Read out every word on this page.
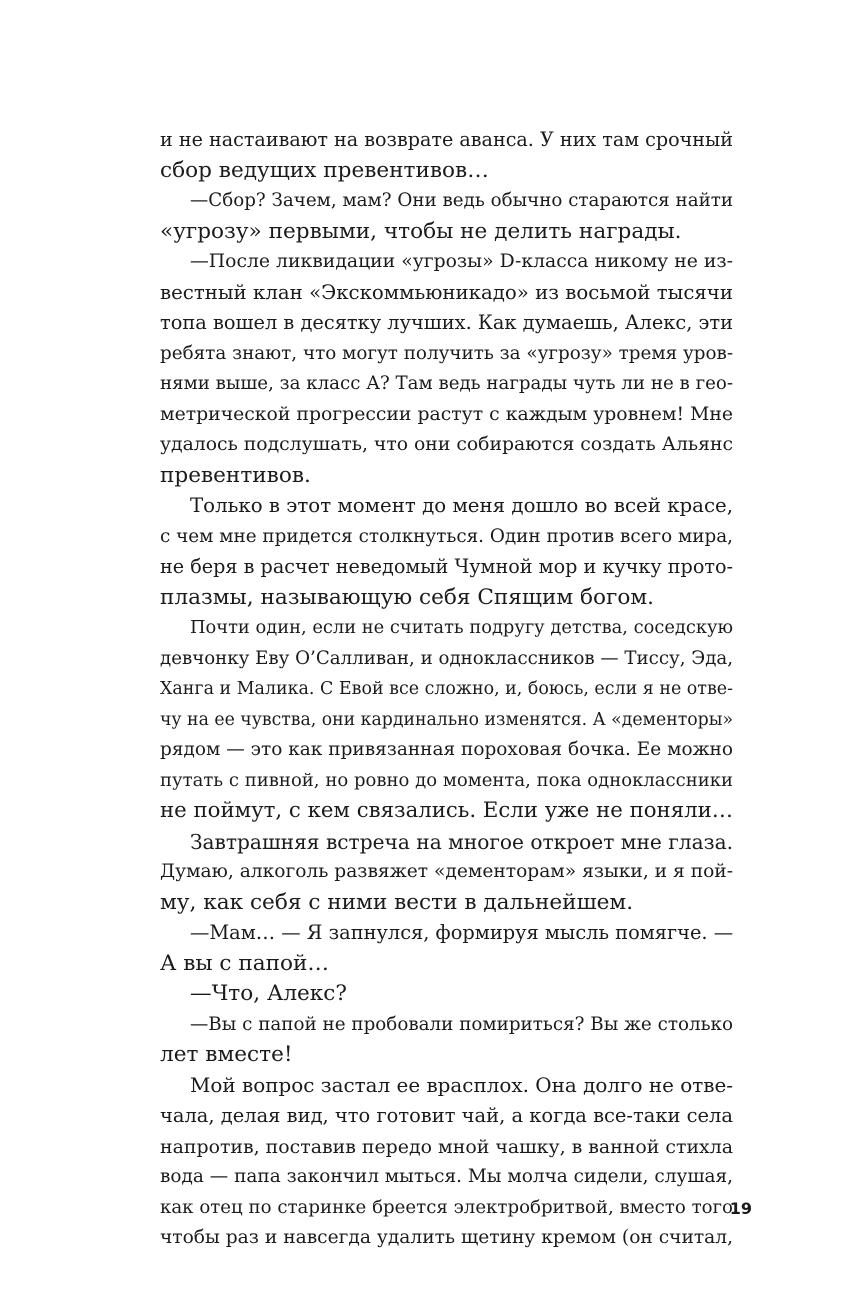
и не настаивают на возврате аванса. У них там срочный
сбор ведущих превентивов…
—Сбор? Зачем, мам? Они ведь обычно стараются найти
«угрозу» первыми, чтобы не делить награды.
—После ликвидации «угрозы» D-класса никому не из-
вестный клан «Экскоммьюникадо» из восьмой тысячи
топа вошел в десятку лучших. Как думаешь, Алекс, эти
ребята знают, что могут получить за «угрозу» тремя уров-
нями выше, за класс А? Там ведь награды чуть ли не в гео-
метрической прогрессии растут с каждым уровнем! Мне
удалось подслушать, что они собираются создать Альянс
превентивов.
Только в этот момент до меня дошло во всей красе,
с чем мне придется столкнуться. Один против всего мира,
не беря в расчет неведомый Чумной мор и кучку прото-
плазмы, называющую себя Спящим богом.
Почти один, если не считать подругу детства, соседскую
девчонку Еву О’Салливан, и одноклассников — Тиссу, Эда,
Ханга и Малика. С Евой все сложно, и, боюсь, если я не отве-
чу на ее чувства, они кардинально изменятся. А «дементоры»
рядом — это как привязанная пороховая бочка. Ее можно
путать с пивной, но ровно до момента, пока одноклассники
не поймут, с кем связались. Если уже не поняли…
Завтрашняя встреча на многое откроет мне глаза.
Думаю, алкоголь развяжет «дементорам» языки, и я пой-
му, как себя с ними вести в дальнейшем.
—Мам… — Я запнулся, формируя мысль помягче. —
А вы с папой…
—Что, Алекс?
—Вы с папой не пробовали помириться? Вы же столько
лет вместе!
Мой вопрос застал ее врасплох. Она долго не отве-
чала, делая вид, что готовит чай, а когда все-таки села
напротив, поставив передо мной чашку, в ванной стихла
вода — папа закончил мыться. Мы молча сидели, слушая,
как отец по старинке бреется электробритвой, вместо того
чтобы раз и навсегда удалить щетину кремом (он считал,
19
